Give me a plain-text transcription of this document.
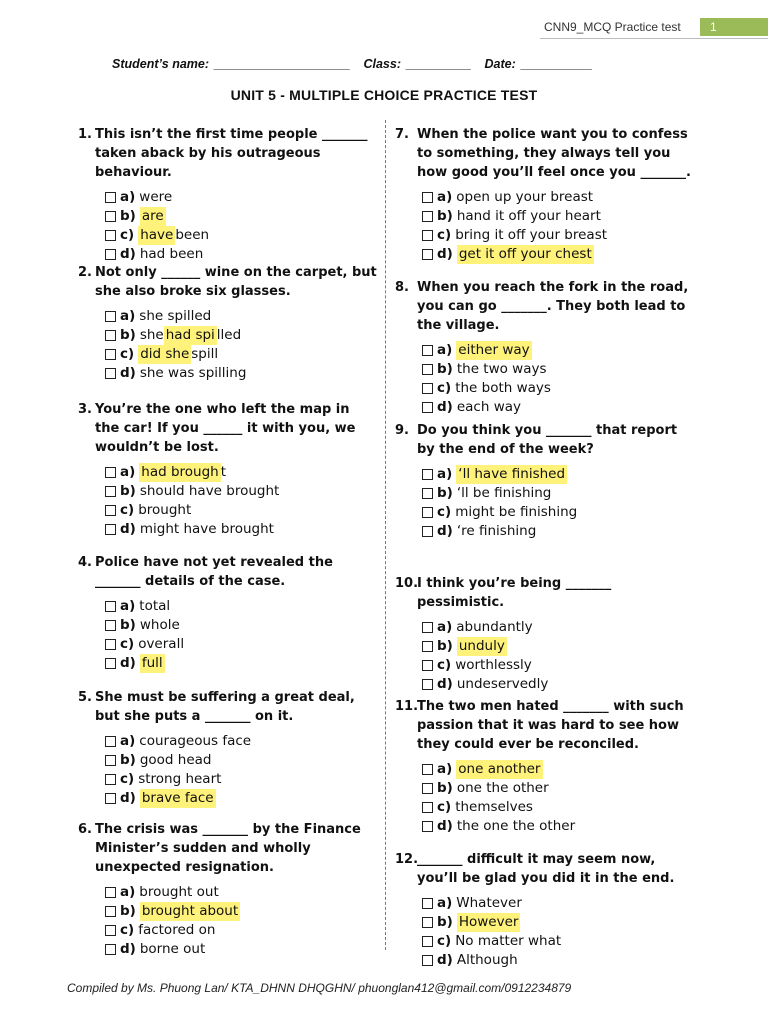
CNN9_MCQ Practice test	1
Student’s name: _____________________ Class: __________ Date: ___________
UNIT 5 - MULTIPLE CHOICE PRACTICE TEST
1. This isn’t the first time people _______ taken aback by his outrageous behaviour.
a) were
b) are
c) have been
d) had been
2. Not only ______ wine on the carpet, but she also broke six glasses.
a) she spilled
b) she had spi lled
c) did she spill
d) she was spilling
3. You’re the one who left the map in the car! If you ______ it with you, we wouldn’t be lost.
a) had brough t
b) should have brought
c) brought
d) might have brought
4. Police have not yet revealed the _______ details of the case.
a) total
b) whole
c) overall
d) full
5. She must be suffering a great deal, but she puts a _______ on it.
a) courageous face
b) good head
c) strong heart
d) brave face
6. The crisis was _______ by the Finance Minister’s sudden and wholly unexpected resignation.
a) brought out
b) brought about
c) factored on
d) borne out
7. When the police want you to confess to something, they always tell you how good you’ll feel once you _______.
a) open up your breast
b) hand it off your heart
c) bring it off your breast
d) get it off your chest
8. When you reach the fork in the road, you can go _______. They both lead to the village.
a) either way
b) the two ways
c) the both ways
d) each way
9. Do you think you _______ that report by the end of the week?
a) ‘ll have finished
b) ‘ll be finishing
c) might be finishing
d) ‘re finishing
10.
I think you’re being _______ pessimistic.
a) abundantly
b) unduly
c) worthlessly
d) undeservedly
11.
The two men hated _______ with such passion that it was hard to see how they could ever be reconciled.
a) one another
b) one the other
c) themselves
d) the one the other
12.
_______ difficult it may seem now, you’ll be glad you did it in the end.
a) Whatever
b) However
c) No matter what
d) Although
Compiled by Ms. Phuong Lan/ KTA_DHNN DHQGHN/ phuonglan412@gmail.com/0912234879
